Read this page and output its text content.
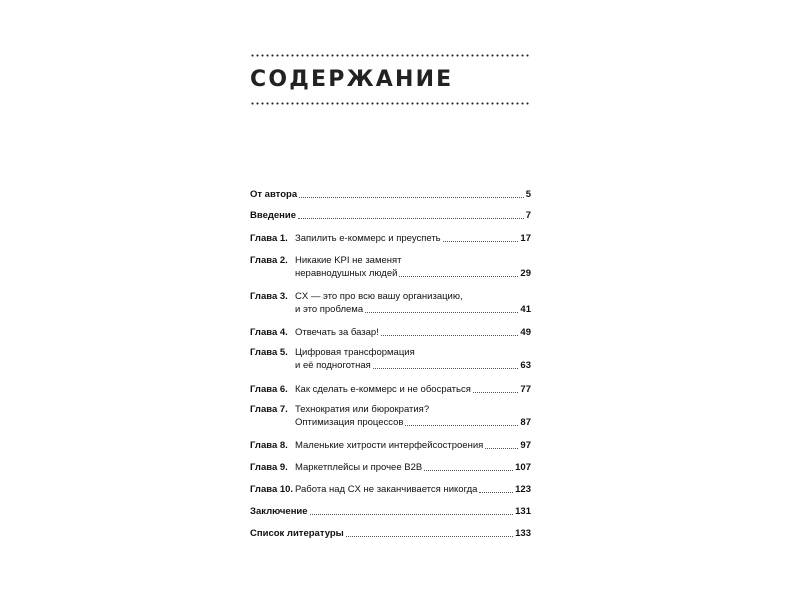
СОДЕРЖАНИЕ
От автора	5
Введение	7
Глава 1. Запилить е-коммерс и преуспеть	17
Глава 2. Никакие KPI не заменят
неравнодушных людей	29
Глава 3. CX — это про всю вашу организацию,
и это проблема	41
Глава 4. Отвечать за базар!	49
Глава 5. Цифровая трансформация
и её подноготная	63
Глава 6. Как сделать е-коммерс и не обосраться	77
Глава 7. Технократия или бюрократия?
Оптимизация процессов	87
Глава 8. Маленькие хитрости интерфейсостроения	97
Глава 9. Маркетплейсы и прочее B2B	107
Глава 10. Работа над CX не заканчивается никогда	123
Заключение	131
Список литературы	133
